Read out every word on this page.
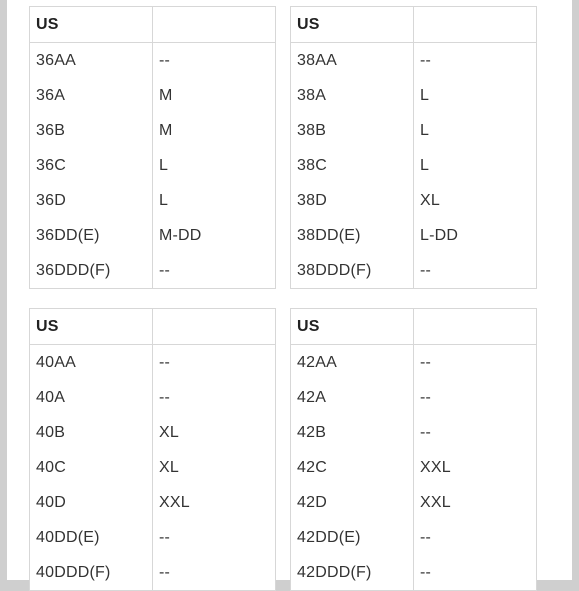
US	
36AA	--
36A	M
36B	M
36C	L
36D	L
36DD(E)	M-DD
36DDD(F)	--
US	
38AA	--
38A	L
38B	L
38C	L
38D	XL
38DD(E)	L-DD
38DDD(F)	--
US	
40AA	--
40A	--
40B	XL
40C	XL
40D	XXL
40DD(E)	--
40DDD(F)	--
US	
42AA	--
42A	--
42B	--
42C	XXL
42D	XXL
42DD(E)	--
42DDD(F)	--
